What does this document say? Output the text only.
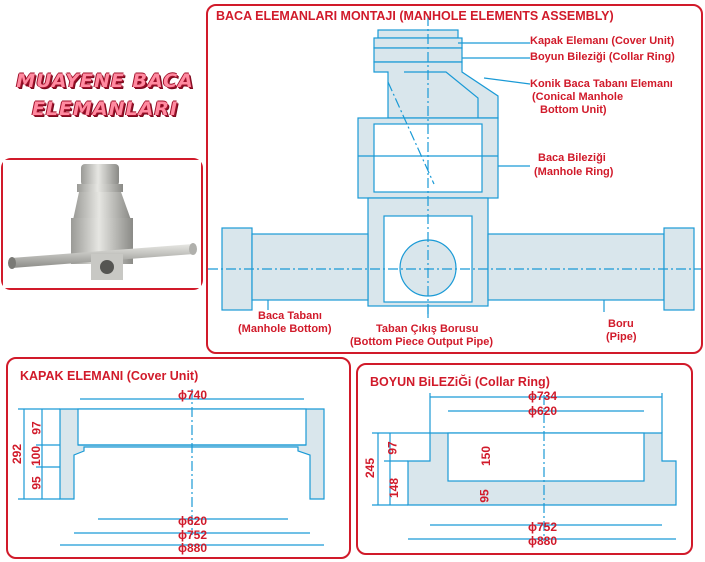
MUAYENE BACA
ELEMANLARI
BACA ELEMANLARI MONTAJI (MANHOLE ELEMENTS ASSEMBLY)
Kapak Elemanı (Cover Unit)
Boyun Bileziği (Collar Ring)
Konik Baca Tabanı Elemanı
(Conical Manhole
Bottom Unit)
Baca Bileziği
(Manhole Ring)
Baca Tabanı
(Manhole Bottom)	Taban Çıkış Borusu
(Bottom Piece Output Pipe)
Boru
(Pipe)
KAPAK ELEMANI (Cover Unit)
ϕ740
ϕ620
ϕ752
ϕ880
292
97
100
95
BOYUN BiLEZiĞi (Collar Ring)
ϕ734
ϕ620
ϕ752
ϕ880
245
97
148
150
95
